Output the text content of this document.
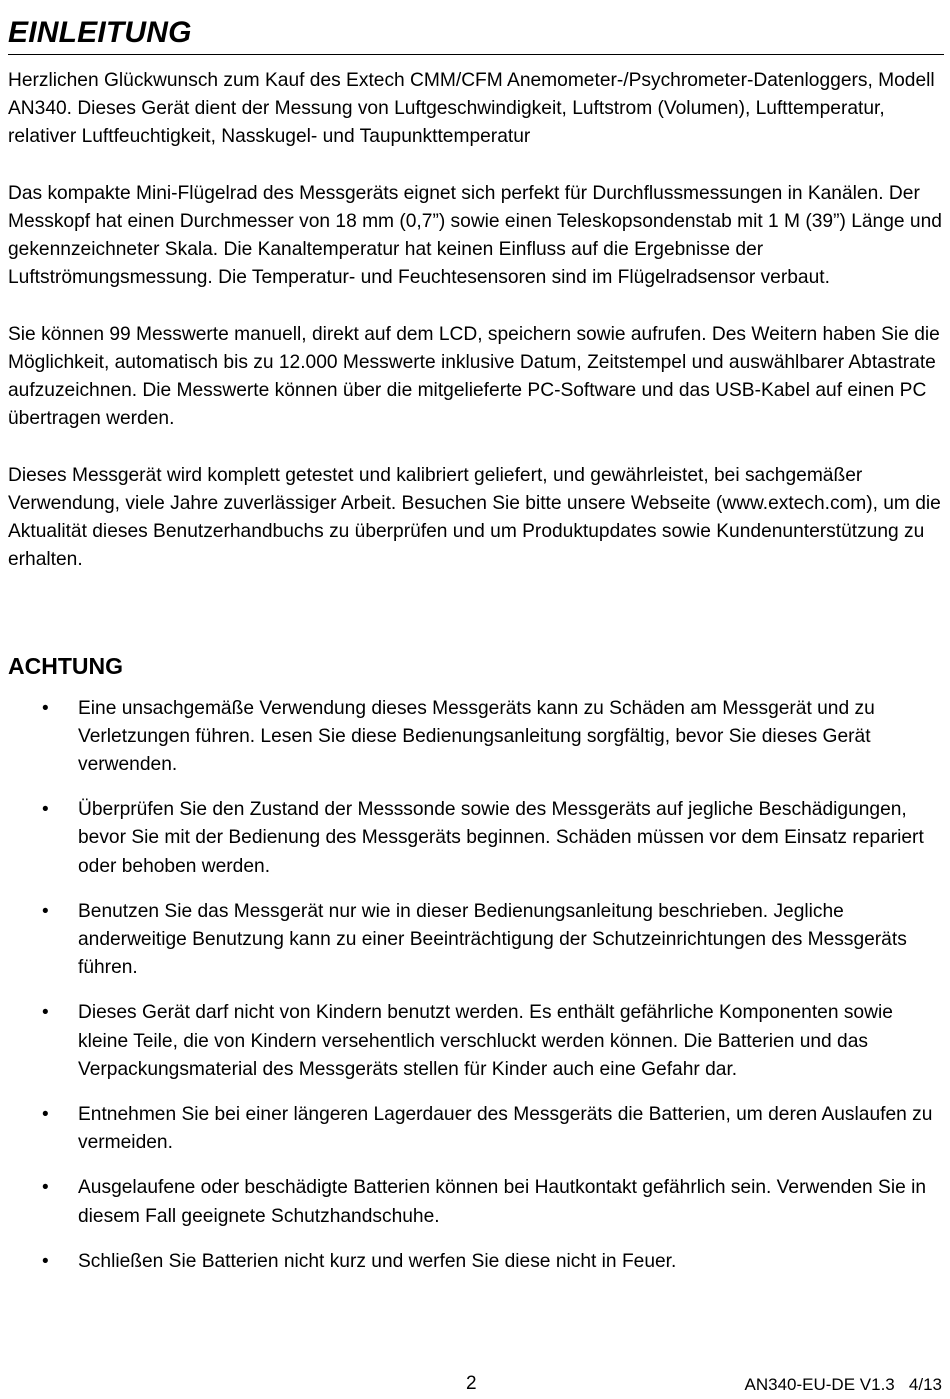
EINLEITUNG

Herzlichen Glückwunsch zum Kauf des Extech CMM/CFM Anemometer-/Psychrometer-Datenloggers, Modell AN340. Dieses Gerät dient der Messung von Luftgeschwindigkeit, Luftstrom (Volumen), Lufttemperatur, relativer Luftfeuchtigkeit, Nasskugel- und Taupunkttemperatur

Das kompakte Mini-Flügelrad des Messgeräts eignet sich perfekt für Durchflussmessungen in Kanälen. Der Messkopf hat einen Durchmesser von 18 mm (0,7”) sowie einen Teleskopsondenstab mit 1 M (39”) Länge und gekennzeichneter Skala. Die Kanaltemperatur hat keinen Einfluss auf die Ergebnisse der Luftströmungsmessung. Die Temperatur- und Feuchtesensoren sind im Flügelradsensor verbaut.

Sie können 99 Messwerte manuell, direkt auf dem LCD, speichern sowie aufrufen. Des Weitern haben Sie die Möglichkeit, automatisch bis zu 12.000 Messwerte inklusive Datum, Zeitstempel und auswählbarer Abtastrate aufzuzeichnen. Die Messwerte können über die mitgelieferte PC-Software und das USB-Kabel auf einen PC übertragen werden.

Dieses Messgerät wird komplett getestet und kalibriert geliefert, und gewährleistet, bei sachgemäßer Verwendung, viele Jahre zuverlässiger Arbeit. Besuchen Sie bitte unsere Webseite (www.extech.com), um die Aktualität dieses Benutzerhandbuchs zu überprüfen und um Produktupdates sowie Kundenunterstützung zu erhalten.

ACHTUNG
• Eine unsachgemäße Verwendung dieses Messgeräts kann zu Schäden am Messgerät und zu Verletzungen führen. Lesen Sie diese Bedienungsanleitung sorgfältig, bevor Sie dieses Gerät verwenden.
• Überprüfen Sie den Zustand der Messsonde sowie des Messgeräts auf jegliche Beschädigungen, bevor Sie mit der Bedienung des Messgeräts beginnen. Schäden müssen vor dem Einsatz repariert oder behoben werden.
• Benutzen Sie das Messgerät nur wie in dieser Bedienungsanleitung beschrieben. Jegliche anderweitige Benutzung kann zu einer Beeinträchtigung der Schutzeinrichtungen des Messgeräts führen.
• Dieses Gerät darf nicht von Kindern benutzt werden. Es enthält gefährliche Komponenten sowie kleine Teile, die von Kindern versehentlich verschluckt werden können. Die Batterien und das Verpackungsmaterial des Messgeräts stellen für Kinder auch eine Gefahr dar.
• Entnehmen Sie bei einer längeren Lagerdauer des Messgeräts die Batterien, um deren Auslaufen zu vermeiden.
• Ausgelaufene oder beschädigte Batterien können bei Hautkontakt gefährlich sein. Verwenden Sie in diesem Fall geeignete Schutzhandschuhe.
• Schließen Sie Batterien nicht kurz und werfen Sie diese nicht in Feuer.
2	AN340-EU-DE V1.3   4/13
